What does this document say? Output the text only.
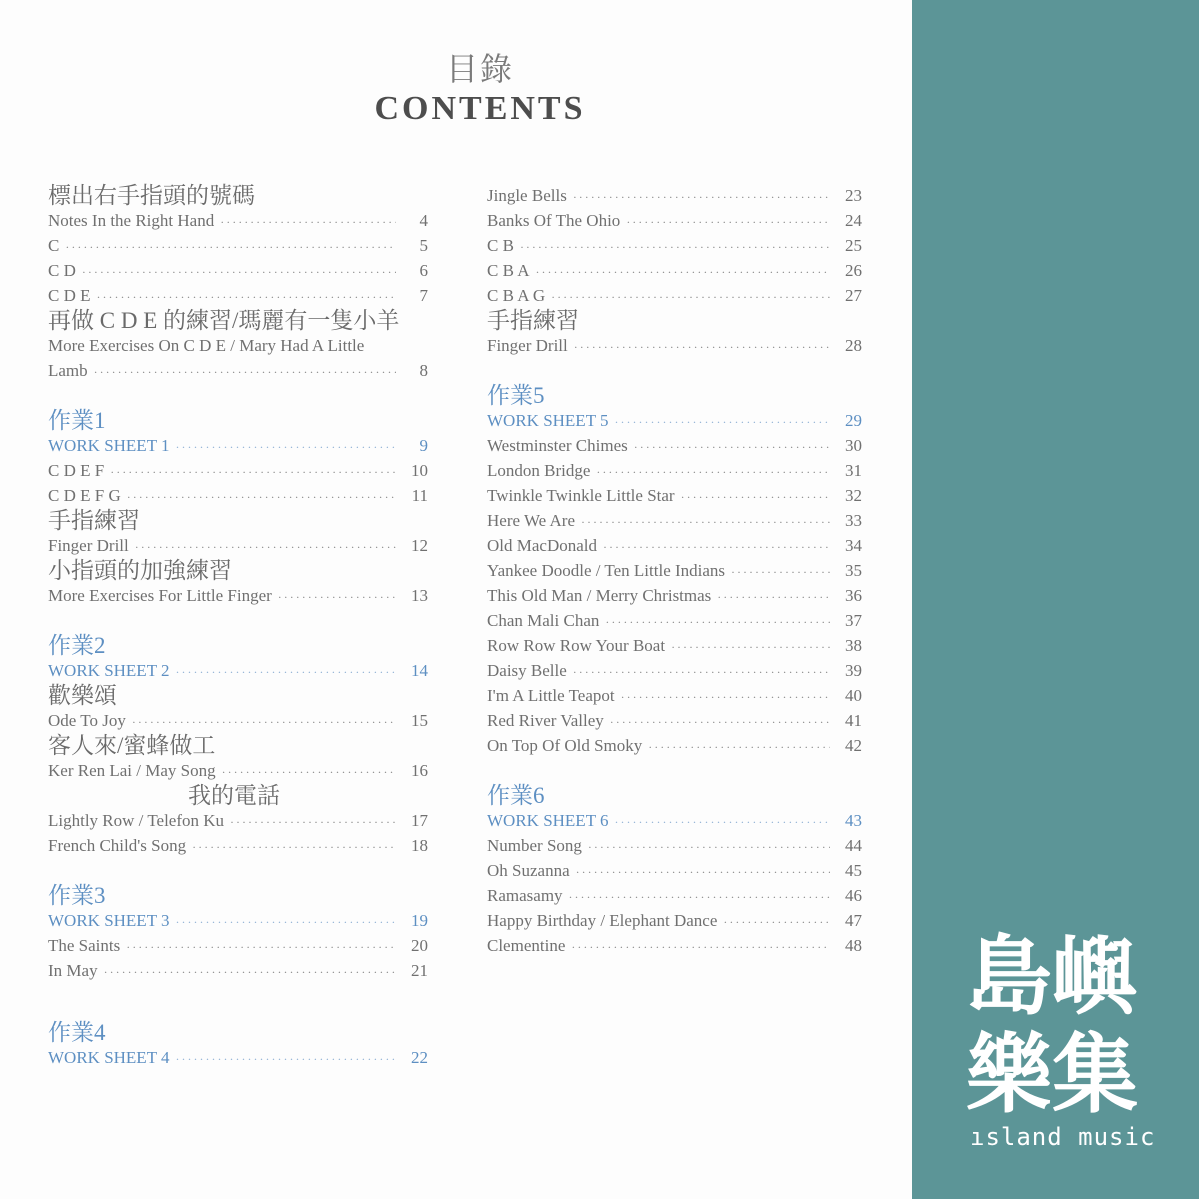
目錄
CONTENTS
標出右手指頭的號碼
Notes In the Right Hand ·····	4
C ·····	5
C D ·····	6
C D E ·····	7
再做 C D E 的練習/瑪麗有一隻小羊
More Exercises On C D E / Mary Had A Little
Lamb ·····	8
作業1
WORK SHEET 1 ·····	9
C D E F ·····	10
C D E F G ·····	11
手指練習
Finger Drill ·····	12
小指頭的加強練習
More Exercises For Little Finger ·····	13
作業2
WORK SHEET 2 ·····	14
歡樂頌
Ode To Joy ·····	15
客人來/蜜蜂做工
Ker Ren Lai / May Song ·····	16
我的電話
Lightly Row / Telefon Ku ·····	17
French Child's Song ·····	18
作業3
WORK SHEET 3 ·····	19
The Saints ·····	20
In May ·····	21
作業4
WORK SHEET 4 ·····	22
Jingle Bells ·····	23
Banks Of The Ohio ·····	24
C B ·····	25
C B A ·····	26
C B A G ·····	27
手指練習
Finger Drill ·····	28
作業5
WORK SHEET 5 ·····	29
Westminster Chimes ·····	30
London Bridge ·····	31
Twinkle Twinkle Little Star ·····	32
Here We Are ·····	33
Old MacDonald ·····	34
Yankee Doodle / Ten Little Indians ·····	35
This Old Man / Merry Christmas ·····	36
Chan Mali Chan ·····	37
Row Row Row Your Boat ·····	38
Daisy Belle ·····	39
I'm A Little Teapot ·····	40
Red River Valley ·····	41
On Top Of Old Smoky ·····	42
作業6
WORK SHEET 6 ·····	43
Number Song ·····	44
Oh Suzanna ·····	45
Ramasamy ·····	46
Happy Birthday / Elephant Dance ·····	47
Clementine ·····	48 島嶼
樂集
ısland music
